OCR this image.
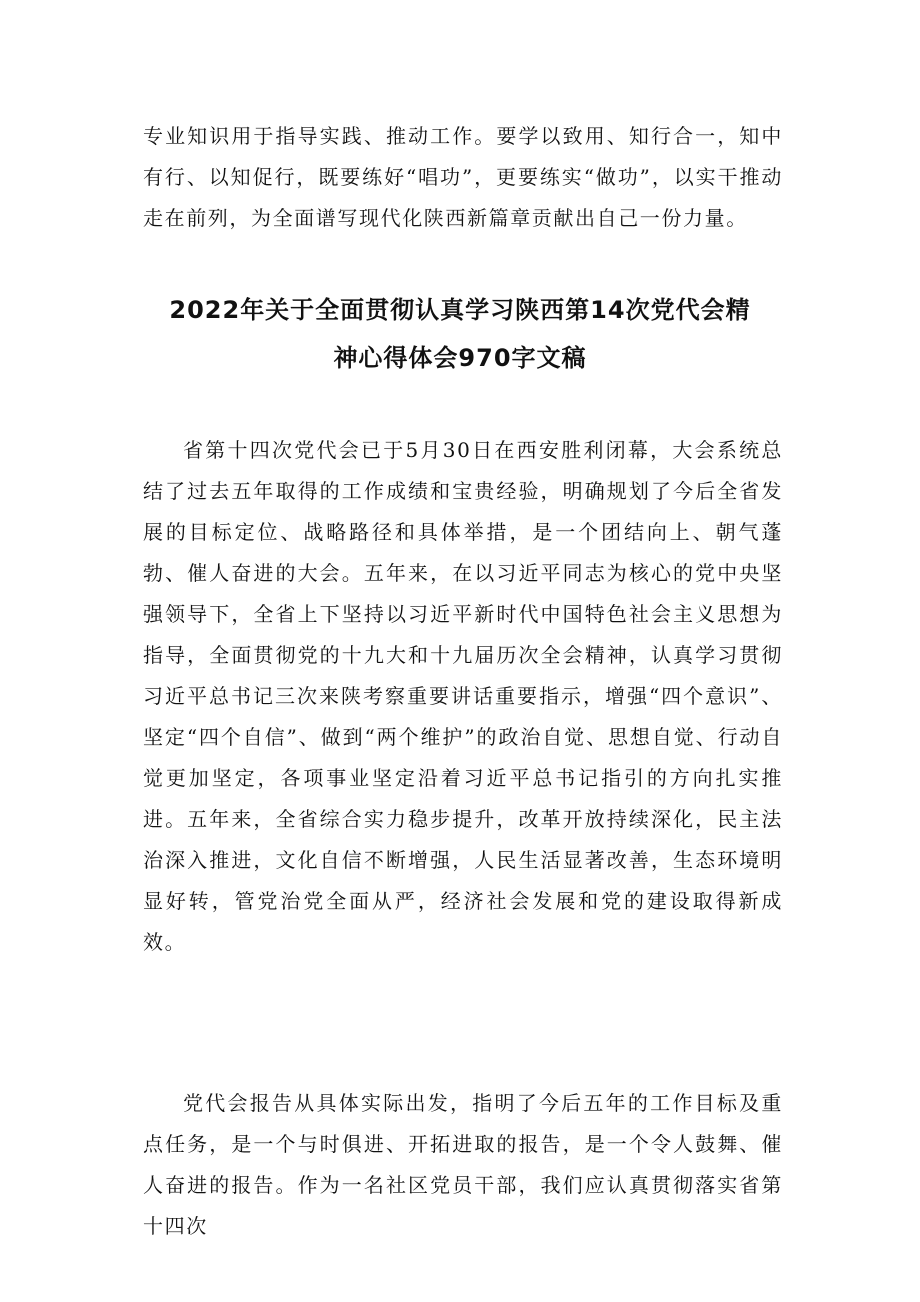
专业知识用于指导实践、推动工作。要学以致用、知行合一，知中有行、以知促行，既要练好“唱功”，更要练实“做功”，以实干推动走在前列，为全面谱写现代化陕西新篇章贡献出自己一份力量。

2022年关于全面贯彻认真学习陕西第14次党代会精
神心得体会970字文稿

省第十四次党代会已于5月30日在西安胜利闭幕，大会系统总结了过去五年取得的工作成绩和宝贵经验，明确规划了今后全省发展的目标定位、战略路径和具体举措，是一个团结向上、朝气蓬勃、催人奋进的大会。五年来，在以习近平同志为核心的党中央坚强领导下，全省上下坚持以习近平新时代中国特色社会主义思想为指导，全面贯彻党的十九大和十九届历次全会精神，认真学习贯彻习近平总书记三次来陕考察重要讲话重要指示，增强“四个意识”、坚定“四个自信”、做到“两个维护”的政治自觉、思想自觉、行动自觉更加坚定，各项事业坚定沿着习近平总书记指引的方向扎实推进。五年来，全省综合实力稳步提升，改革开放持续深化，民主法治深入推进，文化自信不断增强，人民生活显著改善，生态环境明显好转，管党治党全面从严，经济社会发展和党的建设取得新成效。

党代会报告从具体实际出发，指明了今后五年的工作目标及重点任务，是一个与时俱进、开拓进取的报告，是一个令人鼓舞、催人奋进的报告。作为一名社区党员干部，我们应认真贯彻落实省第十四次
